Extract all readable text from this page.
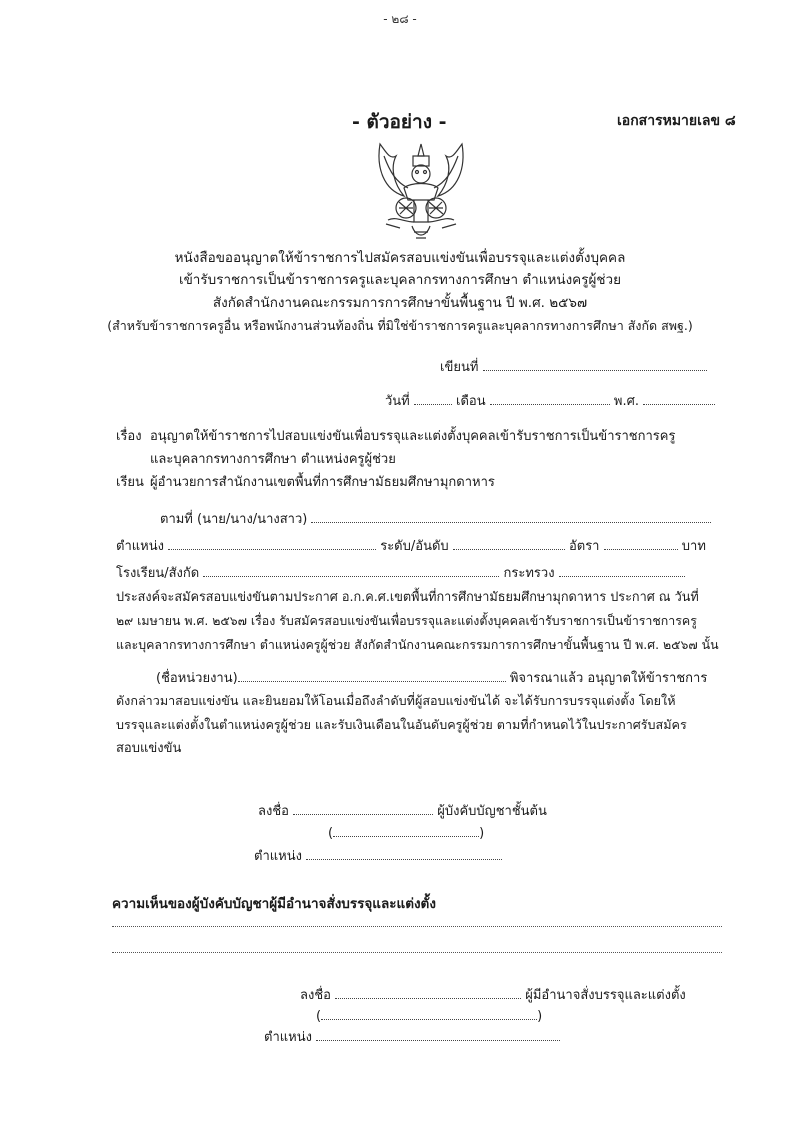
- ๒๘ -
- ตัวอย่าง -	เอกสารหมายเลข ๘
หนังสือขออนุญาตให้ข้าราชการไปสมัครสอบแข่งขันเพื่อบรรจุและแต่งตั้งบุคคล
เข้ารับราชการเป็นข้าราชการครูและบุคลากรทางการศึกษา ตำแหน่งครูผู้ช่วย
สังกัดสำนักงานคณะกรรมการการศึกษาขั้นพื้นฐาน ปี พ.ศ. ๒๕๖๗
(สำหรับข้าราชการครูอื่น หรือพนักงานส่วนท้องถิ่น ที่มิใช่ข้าราชการครูและบุคลากรทางการศึกษา สังกัด สพฐ.)
เขียนที่
วันที่	เดือน	พ.ศ.
เรื่อง อนุญาตให้ข้าราชการไปสอบแข่งขันเพื่อบรรจุและแต่งตั้งบุคคลเข้ารับราชการเป็นข้าราชการครู
และบุคลากรทางการศึกษา ตำแหน่งครูผู้ช่วย
เรียน ผู้อำนวยการสำนักงานเขตพื้นที่การศึกษามัธยมศึกษามุกดาหาร
ตามที่ (นาย/นาง/นางสาว)
ตำแหน่ง	ระดับ/อันดับ	อัตรา	บาท
โรงเรียน/สังกัด	กระทรวง
ประสงค์จะสมัครสอบแข่งขันตามประกาศ อ.ก.ค.ศ.เขตพื้นที่การศึกษามัธยมศึกษามุกดาหาร ประกาศ ณ วันที่
๒๙ เมษายน พ.ศ. ๒๕๖๗ เรื่อง รับสมัครสอบแข่งขันเพื่อบรรจุและแต่งตั้งบุคคลเข้ารับราชการเป็นข้าราชการครู
และบุคลากรทางการศึกษา ตำแหน่งครูผู้ช่วย สังกัดสำนักงานคณะกรรมการการศึกษาขั้นพื้นฐาน ปี พ.ศ. ๒๕๖๗ นั้น
(ชื่อหน่วยงาน)	พิจารณาแล้ว อนุญาตให้ข้าราชการ
ดังกล่าวมาสอบแข่งขัน และยินยอมให้โอนเมื่อถึงลำดับที่ผู้สอบแข่งขันได้ จะได้รับการบรรจุแต่งตั้ง โดยให้
บรรจุและแต่งตั้งในตำแหน่งครูผู้ช่วย และรับเงินเดือนในอันดับครูผู้ช่วย ตามที่กำหนดไว้ในประกาศรับสมัคร
สอบแข่งขัน
ลงชื่อ	ผู้บังคับบัญชาชั้นต้น
(	)
ตำแหน่ง
ความเห็นของผู้บังคับบัญชาผู้มีอำนาจสั่งบรรจุและแต่งตั้ง
ลงชื่อ	ผู้มีอำนาจสั่งบรรจุและแต่งตั้ง
(	)
ตำแหน่ง
